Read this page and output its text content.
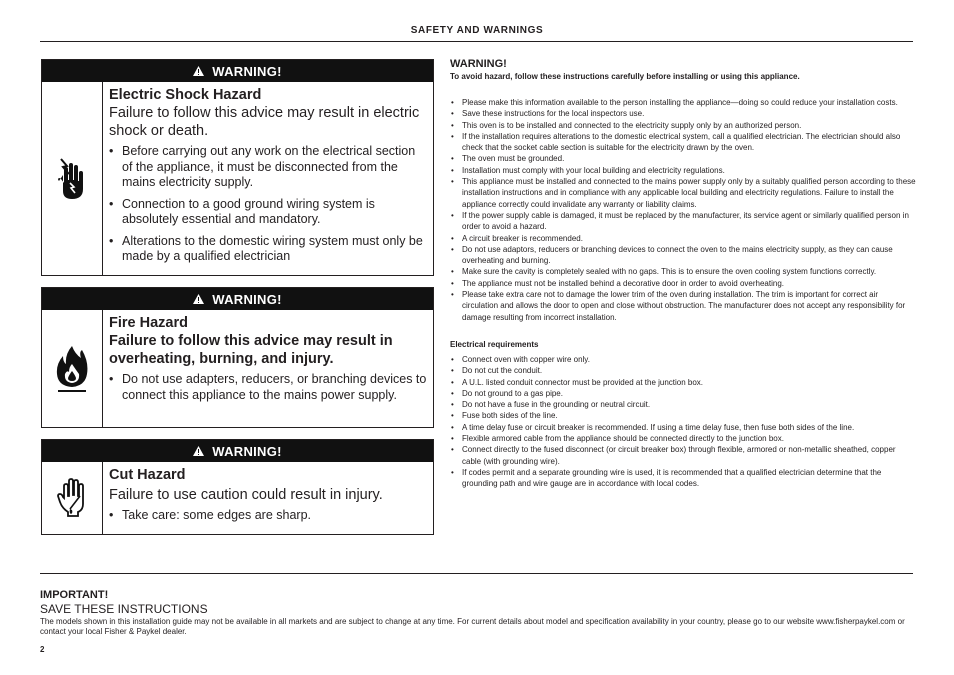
SAFETY AND WARNINGS
WARNING!
Electric Shock Hazard
Failure to follow this advice may result in electric shock or death.
• Before carrying out any work on the electrical section of the appliance, it must be disconnected from the mains electricity supply.
• Connection to a good ground wiring system is absolutely essential and mandatory.
• Alterations to the domestic wiring system must only be made by a qualified electrician
WARNING!
Fire Hazard
Failure to follow this advice may result in overheating, burning, and injury.
• Do not use adapters, reducers, or branching devices to connect this appliance to the mains power supply.
WARNING!
Cut Hazard
Failure to use caution could result in injury.
• Take care: some edges are sharp.
WARNING!
To avoid hazard, follow these instructions carefully before installing or using this appliance.
• Please make this information available to the person installing the appliance—doing so could reduce your installation costs.
• Save these instructions for the local inspectors use.
• This oven is to be installed and connected to the electricity supply only by an authorized person.
• If the installation requires alterations to the domestic electrical system, call a qualified electrician. The electrician should also check that the socket cable section is suitable for the electricity drawn by the oven.
• The oven must be grounded.
• Installation must comply with your local building and electricity regulations.
• This appliance must be installed and connected to the mains power supply only by a suitably qualified person according to these installation instructions and in compliance with any applicable local building and electricity regulations. Failure to install the appliance correctly could invalidate any warranty or liability claims.
• If the power supply cable is damaged, it must be replaced by the manufacturer, its service agent or similarly qualified person in order to avoid a hazard.
• A circuit breaker is recommended.
• Do not use adaptors, reducers or branching devices to connect the oven to the mains electricity supply, as they can cause overheating and burning.
• Make sure the cavity is completely sealed with no gaps. This is to ensure the oven cooling system functions correctly.
• The appliance must not be installed behind a decorative door in order to avoid overheating.
• Please take extra care not to damage the lower trim of the oven during installation. The trim is important for correct air circulation and allows the door to open and close without obstruction. The manufacturer does not accept any responsibility for damage resulting from incorrect installation.
Electrical requirements
• Connect oven with copper wire only.
• Do not cut the conduit.
• A U.L. listed conduit connector must be provided at the junction box.
• Do not ground to a gas pipe.
• Do not have a fuse in the grounding or neutral circuit.
• Fuse both sides of the line.
• A time delay fuse or circuit breaker is recommended. If using a time delay fuse, then fuse both sides of the line.
• Flexible armored cable from the appliance should be connected directly to the junction box.
• Connect directly to the fused disconnect (or circuit breaker box) through flexible, armored or non-metallic sheathed, copper cable (with grounding wire).
• If codes permit and a separate grounding wire is used, it is recommended that a qualified electrician determine that the grounding path and wire gauge are in accordance with local codes.
IMPORTANT!
SAVE THESE INSTRUCTIONS
The models shown in this installation guide may not be available in all markets and are subject to change at any time. For current details about model and specification availability in your country, please go to our website www.fisherpaykel.com or contact your local Fisher & Paykel dealer.
2
